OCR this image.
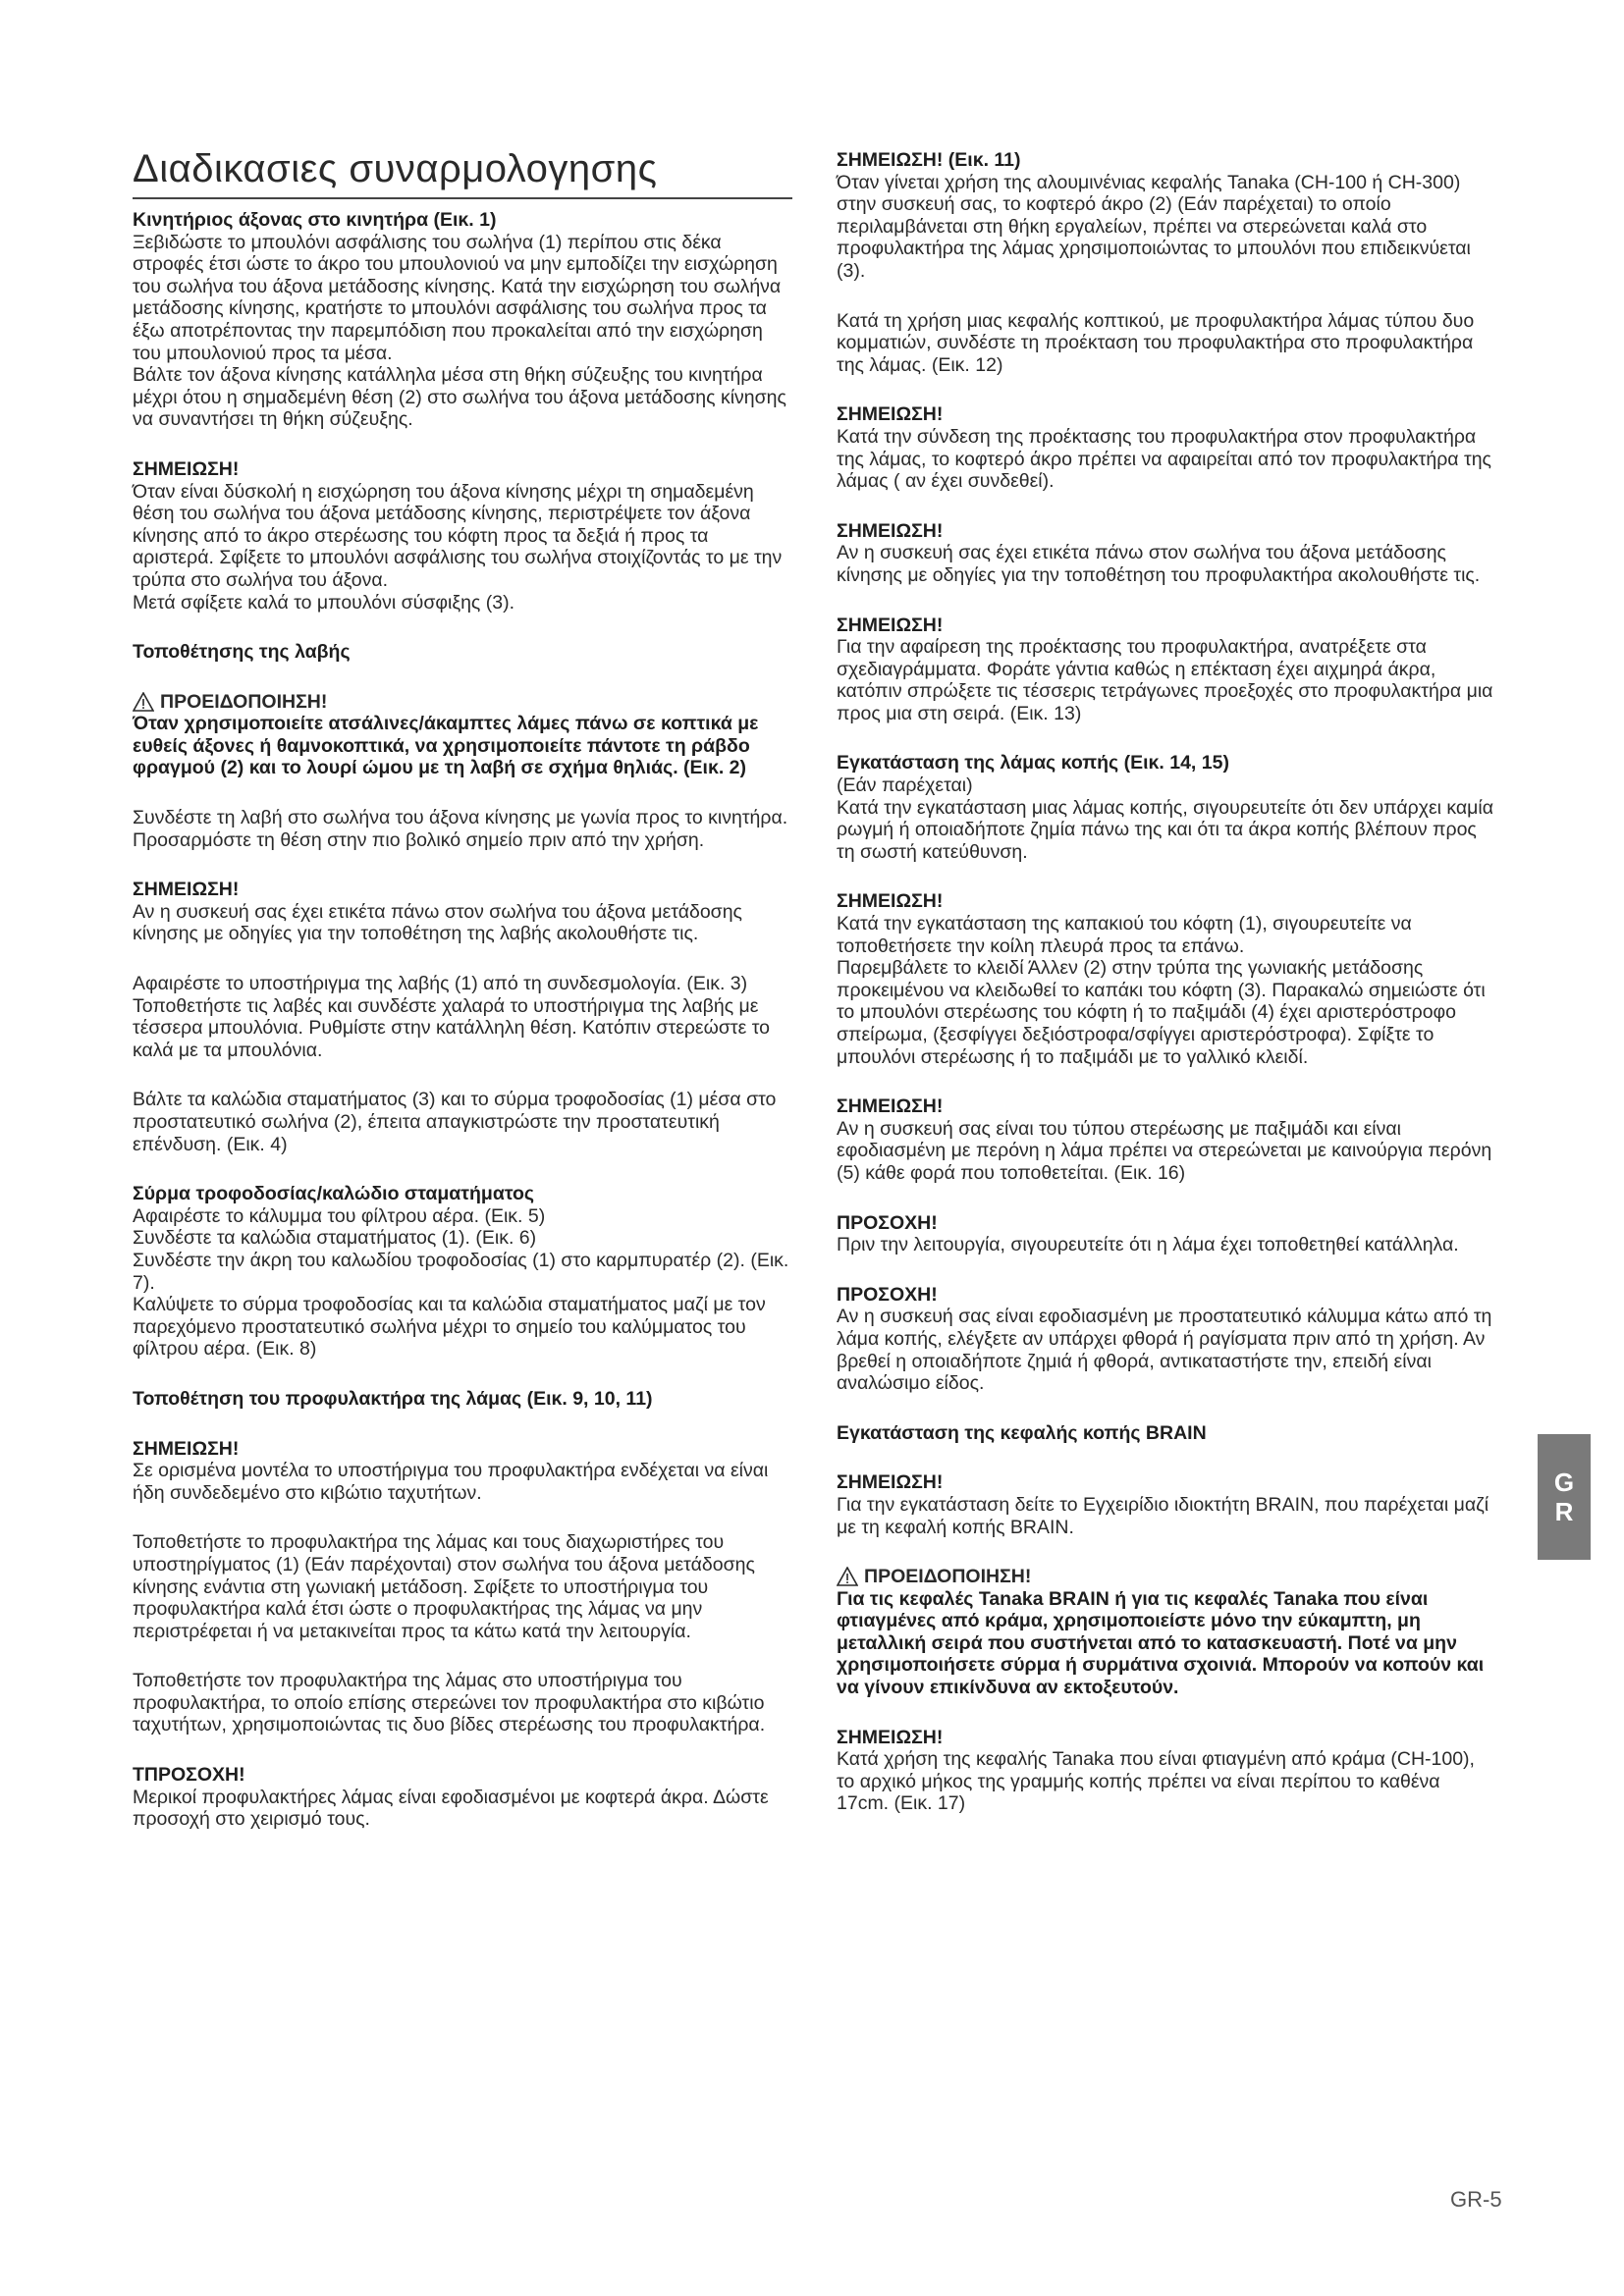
Διαδικασιες συναρμολογησης
Κινητήριος άξονας στο κινητήρα (Εικ. 1)

Ξεβιδώστε το μπουλόνι ασφάλισης του σωλήνα (1) περίπου στις δέκα στροφές έτσι ώστε το άκρο του μπουλονιού να μην εμποδίζει την εισχώρηση του σωλήνα του άξονα μετάδοσης κίνησης. Κατά την εισχώρηση του σωλήνα μετάδοσης κίνησης, κρατήστε το μπουλόνι ασφάλισης του σωλήνα προς τα έξω αποτρέποντας την παρεμπόδιση που προκαλείται από την εισχώρηση του μπουλονιού προς τα μέσα.

Βάλτε τον άξονα κίνησης κατάλληλα μέσα στη θήκη σύζευξης του κινητήρα μέχρι ότου η σημαδεμένη θέση (2) στο σωλήνα του άξονα μετάδοσης κίνησης να συναντήσει τη θήκη σύζευξης.

ΣΗΜΕΙΩΣΗ!

Όταν είναι δύσκολή η εισχώρηση του άξονα κίνησης μέχρι τη σημαδεμένη θέση του σωλήνα του άξονα μετάδοσης κίνησης, περιστρέψετε τον άξονα κίνησης από το άκρο στερέωσης του κόφτη προς τα δεξιά ή προς τα αριστερά. Σφίξετε το μπουλόνι ασφάλισης του σωλήνα στοιχίζοντάς το με την τρύπα στο σωλήνα του άξονα.

Μετά σφίξετε καλά το μπουλόνι σύσφιξης (3).

Τοποθέτησης της λαβής
ΠΡΟΕΙΔΟΠΟΙΗΣΗ!

Όταν χρησιμοποιείτε ατσάλινες/άκαμπτες λάμες πάνω σε κοπτικά με ευθείς άξονες ή θαμνοκοπτικά, να χρησιμοποιείτε πάντοτε τη ράβδο φραγμού (2) και το λουρί ώμου με τη λαβή σε σχήμα θηλιάς. (Εικ. 2)

Συνδέστε τη λαβή στο σωλήνα του άξονα κίνησης με γωνία προς το κινητήρα.

Προσαρμόστε τη θέση στην πιο βολικό σημείο πριν από την χρήση.

ΣΗΜΕΙΩΣΗ!

Αν η συσκευή σας έχει ετικέτα πάνω στον σωλήνα του άξονα μετάδοσης κίνησης με οδηγίες για την τοποθέτηση της λαβής ακολουθήστε τις.

Αφαιρέστε το υποστήριγμα της λαβής (1) από τη συνδεσμολογία. (Εικ. 3)

Τοποθετήστε τις λαβές και συνδέστε χαλαρά το υποστήριγμα της λαβής με τέσσερα μπουλόνια. Ρυθμίστε στην κατάλληλη θέση. Κατόπιν στερεώστε το καλά με τα μπουλόνια.

Βάλτε τα καλώδια σταματήματος (3) και το σύρμα τροφοδοσίας (1) μέσα στο προστατευτικό σωλήνα (2), έπειτα απαγκιστρώστε την προστατευτική επένδυση. (Εικ. 4)

Σύρμα τροφοδοσίας/καλώδιο σταματήματος

Αφαιρέστε το κάλυμμα του φίλτρου αέρα. (Εικ. 5)

Συνδέστε τα καλώδια σταματήματος (1). (Εικ. 6)

Συνδέστε την άκρη του καλωδίου τροφοδοσίας (1) στο καρμπυρατέρ (2). (Εικ. 7).

Καλύψετε το σύρμα τροφοδοσίας και τα καλώδια σταματήματος μαζί με τον παρεχόμενο προστατευτικό σωλήνα μέχρι το σημείο του καλύμματος του φίλτρου αέρα. (Εικ. 8)

Τοποθέτηση του προφυλακτήρα της λάμας (Εικ. 9, 10, 11)
ΣΗΜΕΙΩΣΗ!

Σε ορισμένα μοντέλα το υποστήριγμα του προφυλακτήρα ενδέχεται να είναι ήδη συνδεδεμένο στο κιβώτιο ταχυτήτων.

Τοποθετήστε το προφυλακτήρα της λάμας και τους διαχωριστήρες του υποστηρίγματος (1) (Εάν παρέχονται) στον σωλήνα του άξονα μετάδοσης κίνησης ενάντια στη γωνιακή μετάδοση. Σφίξετε το υποστήριγμα του προφυλακτήρα καλά έτσι ώστε ο προφυλακτήρας της λάμας να μην περιστρέφεται ή να μετακινείται προς τα κάτω κατά την λειτουργία.

Τοποθετήστε τον προφυλακτήρα της λάμας στο υποστήριγμα του προφυλακτήρα, το οποίο επίσης στερεώνει τον προφυλακτήρα στο κιβώτιο ταχυτήτων, χρησιμοποιώντας τις δυο βίδες στερέωσης του προφυλακτήρα.

ΤΠΡΟΣΟΧΗ!

Μερικοί προφυλακτήρες λάμας είναι εφοδιασμένοι με κοφτερά άκρα. Δώστε προσοχή στο χειρισμό τους.

ΣΗΜΕΙΩΣΗ! (Εικ. 11)

Όταν γίνεται χρήση της αλουμινένιας κεφαλής Tanaka (CH-100 ή CH-300) στην συσκευή σας, το κοφτερό άκρο (2) (Εάν παρέχεται) το οποίο περιλαμβάνεται στη θήκη εργαλείων, πρέπει να στερεώνεται καλά στο προφυλακτήρα της λάμας χρησιμοποιώντας το μπουλόνι που επιδεικνύεται (3).

Κατά τη χρήση μιας κεφαλής κοπτικού, με προφυλακτήρα λάμας τύπου δυο κομματιών, συνδέστε τη προέκταση του προφυλακτήρα στο προφυλακτήρα της λάμας. (Εικ. 12)

ΣΗΜΕΙΩΣΗ!

Κατά την σύνδεση της προέκτασης του προφυλακτήρα στον προφυλακτήρα της λάμας, το κοφτερό άκρο πρέπει να αφαιρείται από τον προφυλακτήρα της λάμας ( αν έχει συνδεθεί).

ΣΗΜΕΙΩΣΗ!

Αν η συσκευή σας έχει ετικέτα πάνω στον σωλήνα του άξονα μετάδοσης κίνησης με οδηγίες για την τοποθέτηση του προφυλακτήρα ακολουθήστε τις.

ΣΗΜΕΙΩΣΗ!

Για την αφαίρεση της προέκτασης του προφυλακτήρα, ανατρέξετε στα σχεδιαγράμματα. Φοράτε γάντια καθώς η επέκταση έχει αιχμηρά άκρα, κατόπιν σπρώξετε τις τέσσερις τετράγωνες προεξοχές στο προφυλακτήρα μια προς μια στη σειρά. (Εικ. 13)

Εγκατάσταση της λάμας κοπής (Εικ. 14, 15)

(Εάν παρέχεται)

Κατά την εγκατάσταση μιας λάμας κοπής, σιγουρευτείτε ότι δεν υπάρχει καμία ρωγμή ή οποιαδήποτε ζημία πάνω της και ότι τα άκρα κοπής βλέπουν προς τη σωστή κατεύθυνση.

ΣΗΜΕΙΩΣΗ!

Κατά την εγκατάσταση της καπακιού του κόφτη (1), σιγουρευτείτε να τοποθετήσετε την κοίλη πλευρά προς τα επάνω.

Παρεμβάλετε το κλειδί Άλλεν (2) στην τρύπα της γωνιακής μετάδοσης προκειμένου να κλειδωθεί το καπάκι του κόφτη (3). Παρακαλώ σημειώστε ότι το μπουλόνι στερέωσης του κόφτη ή το παξιμάδι (4) έχει αριστερόστροφο σπείρωμα, (ξεσφίγγει δεξιόστροφα/σφίγγει αριστερόστροφα). Σφίξτε το μπουλόνι στερέωσης ή το παξιμάδι με το γαλλικό κλειδί.

ΣΗΜΕΙΩΣΗ!

Αν η συσκευή σας είναι του τύπου στερέωσης με παξιμάδι και είναι εφοδιασμένη με περόνη η λάμα πρέπει να στερεώνεται με καινούργια περόνη (5) κάθε φορά που τοποθετείται. (Εικ. 16)

ΠΡΟΣΟΧΗ!

Πριν την λειτουργία, σιγουρευτείτε ότι η λάμα έχει τοποθετηθεί κατάλληλα.

ΠΡΟΣΟΧΗ!

Αν η συσκευή σας είναι εφοδιασμένη με προστατευτικό κάλυμμα κάτω από τη λάμα κοπής, ελέγξετε αν υπάρχει φθορά ή ραγίσματα πριν από τη χρήση. Αν βρεθεί η οποιαδήποτε ζημιά ή φθορά, αντικαταστήστε την, επειδή είναι αναλώσιμο είδος.

Εγκατάσταση της κεφαλής κοπής BRAIN
ΣΗΜΕΙΩΣΗ!

Για την εγκατάσταση δείτε το Εγχειρίδιο ιδιοκτήτη BRAIN, που παρέχεται μαζί με τη κεφαλή κοπής BRAIN.

ΠΡΟΕΙΔΟΠΟΙΗΣΗ!

Για τις κεφαλές Tanaka BRAIN ή για τις κεφαλές Tanaka που είναι φτιαγμένες από κράμα, χρησιμοποιείστε μόνο την εύκαμπτη, μη μεταλλική σειρά που συστήνεται από το κατασκευαστή. Ποτέ να μην χρησιμοποιήσετε σύρμα ή συρμάτινα σχοινιά. Μπορούν να κοπούν και να γίνουν επικίνδυνα αν εκτοξευτούν.

ΣΗΜΕΙΩΣΗ!

Κατά χρήση της κεφαλής Tanaka που είναι φτιαγμένη από κράμα (CH-100), το αρχικό μήκος της γραμμής κοπής πρέπει να είναι περίπου το καθένα 17cm. (Εικ. 17)

G
R
GR-5
